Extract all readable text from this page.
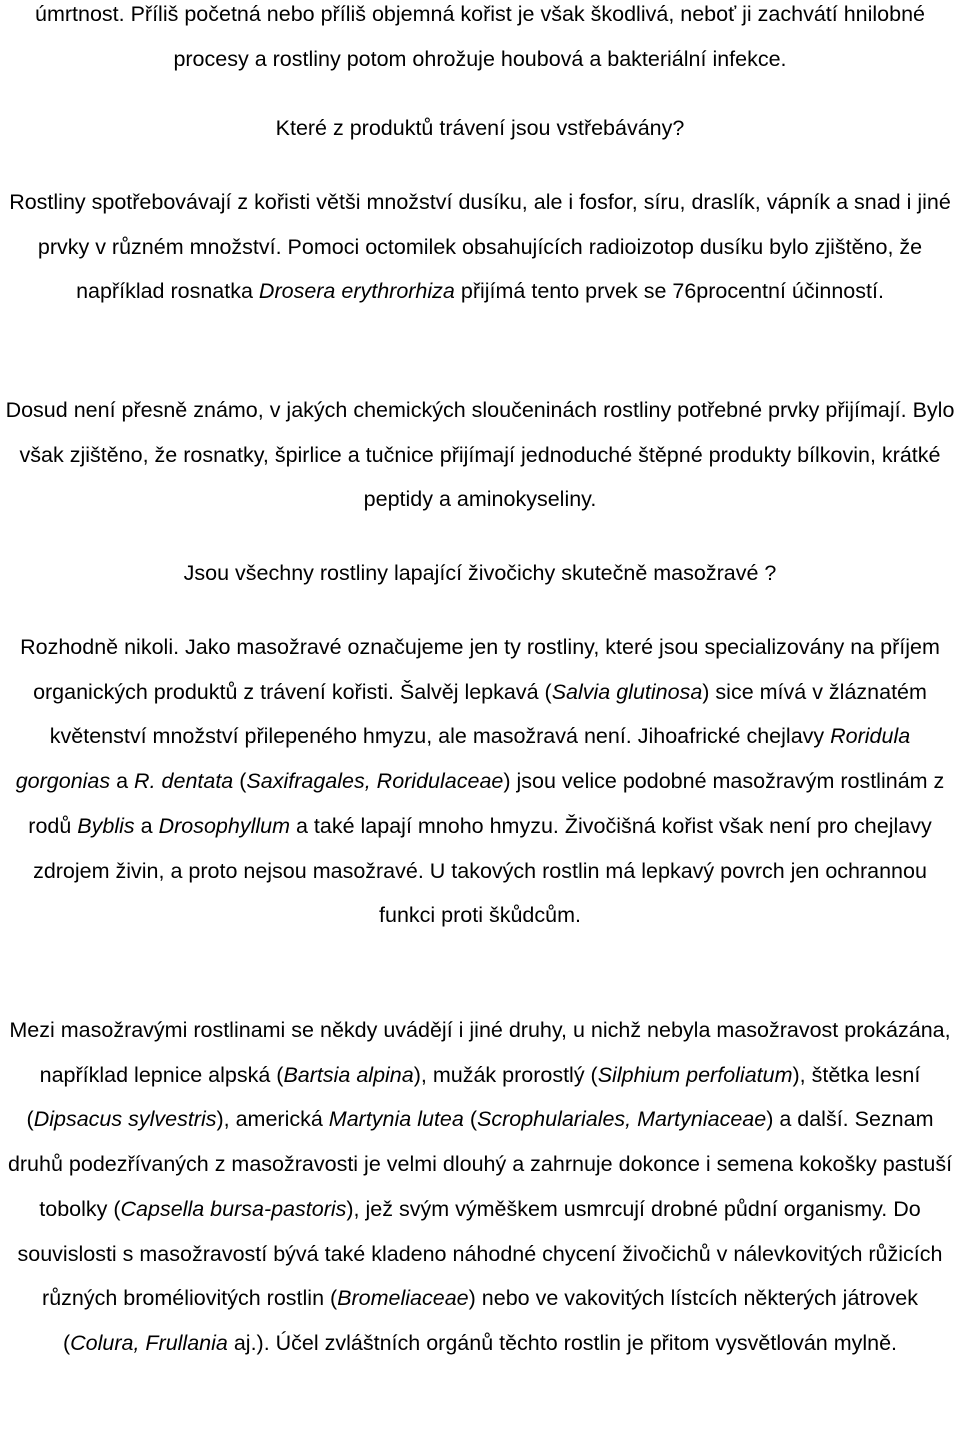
úmrtnost. Příliš početná nebo příliš objemná kořist je však škodlivá, neboť ji zachvátí hnilobné procesy a rostliny potom ohrožuje houbová a bakteriální infekce.

Které z produktů trávení jsou vstřebávány?

Rostliny spotřebovávají z kořisti větši množství dusíku, ale i fosfor, síru, draslík, vápník a snad i jiné prvky v různém množství. Pomoci octomilek obsahujících radioizotop dusíku bylo zjištěno, že například rosnatka Drosera erythrorhiza přijímá tento prvek se 76procentní účinností.

Dosud není přesně známo, v jakých chemických sloučeninách rostliny potřebné prvky přijímají. Bylo však zjištěno, že rosnatky, špirlice a tučnice přijímají jednoduché štěpné produkty bílkovin, krátké peptidy a aminokyseliny.

Jsou všechny rostliny lapající živočichy skutečně masožravé ?

Rozhodně nikoli. Jako masožravé označujeme jen ty rostliny, které jsou specializovány na příjem organických produktů z trávení kořisti. Šalvěj lepkavá (Salvia glutinosa) sice mívá v žláznatém květenství množství přilepeného hmyzu, ale masožravá není. Jihoafrické chejlavy Roridula gorgonias a R. dentata (Saxifragales, Roridulaceae) jsou velice podobné masožravým rostlinám z rodů Byblis a Drosophyllum a také lapají mnoho hmyzu. Živočišná kořist však není pro chejlavy zdrojem živin, a proto nejsou masožravé. U takových rostlin má lepkavý povrch jen ochrannou funkci proti škůdcům.

Mezi masožravými rostlinami se někdy uvádějí i jiné druhy, u nichž nebyla masožravost prokázána, například lepnice alpská (Bartsia alpina), mužák prorostlý (Silphium perfoliatum), štětka lesní (Dipsacus sylvestris), americká Martynia lutea (Scrophulariales, Martyniaceae) a další. Seznam druhů podezřívaných z masožravosti je velmi dlouhý a zahrnuje dokonce i semena kokošky pastuší tobolky (Capsella bursa-pastoris), jež svým výměškem usmrcují drobné půdní organismy. Do souvislosti s masožravostí bývá také kladeno náhodné chycení živočichů v nálevkovitých růžicích různých broméliovitých rostlin (Bromeliaceae) nebo ve vakovitých lístcích některých játrovek (Colura, Frullania aj.). Účel zvláštních orgánů těchto rostlin je přitom vysvětlován mylně.
